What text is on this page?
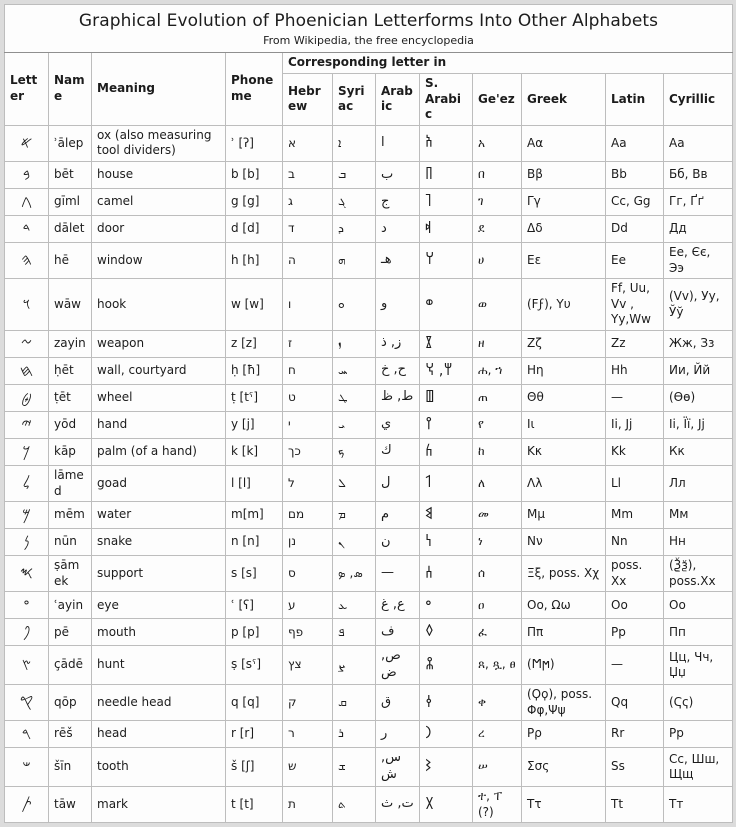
Graphical Evolution of Phoenician Letterforms Into Other Alphabets
From Wikipedia, the free encyclopedia											

Letter	Name	Meaning	Phoneme	Corresponding letter in							
				Hebrew	Syriac	Arabic	S. Arabic	Ge'ez	Greek	Latin	Cyrillic
𐤀	ʾālep	ox (also measuring tool dividers)	ʾ [ʔ]	א	ܐ	ا	𐩱	አ	Αα	Aa	Аа
𐤁	bēt	house	b [b]	ב	ܒ	ب	𐩨	በ	Ββ	Bb	Бб, Вв
𐤂	gīml	camel	g [g]	ג	ܓ	ج	𐩴	ገ	Γγ	Cc, Gg	Гг, Ґґ
𐤃	dālet	door	d [d]	ד	ܕ	د	𐩵	ደ	Δδ	Dd	Дд
𐤄	hē	window	h [h]	ה	ܗ	هـ	𐩠	ሀ	Εε	Ee	Ее, Єє, Ээ
𐤅	wāw	hook	w [w]	ו	ܘ	و	𐩥	ወ	(Ϝϝ), Υυ	Ff, Uu, Vv , Yy,Ww	(Vv), Уу, Ўў
𐤆	zayin	weapon	z [z]	ז	ܙ	ز, ذ	𐩸	ዘ	Ζζ	Zz	Жж, Зз
𐤇	ḥēt	wall, courtyard	ḥ [ħ]	ח	ܚ	ح, خ	𐩢, 𐩭	ሐ, ኀ	Ηη	Hh	Ии, Йй
𐤈	ṭēt	wheel	ṭ [tˤ]	ט	ܛ	ط, ظ	𐩷	ጠ	Θθ	—	(Ѳѳ)
𐤉	yōd	hand	y [j]	י	ܝ	ي	𐩺	የ	Ιι	Ii, Jj	Іі, Її, Jj
𐤊	kāp	palm (of a hand)	k [k]	כך	ܟ	ك	𐩫	ከ	Κκ	Kk	Кк
𐤋	lāmed	goad	l [l]	ל	ܠ	ل	𐩡	ለ	Λλ	Ll	Лл
𐤌	mēm	water	m[m]	מם	ܡ	م	𐩣	መ	Μμ	Mm	Мм
𐤍	nūn	snake	n [n]	נן	ܢ	ن	𐩬	ነ	Νν	Nn	Нн
𐤎	ṣāmek	support	s [s]	ס	ܣ, ܤ	—	𐩪	ሰ	Ξξ, poss. Χχ	poss. Xx	(Ѯѯ), poss.Xx
𐤏	ʿayin	eye	ʿ [ʕ]	ע	ܥ	ع, غ	𐩲	ዐ	Οο, Ωω	Oo	Оо
𐤐	pē	mouth	p [p]	פף	ܦ	ف	𐩰	ፈ	Ππ	Pp	Пп
𐤑	çādē	hunt	ṣ [sˤ]	צץ	ܨ	ص, ض	𐩮	ጸ, ጿ, ፀ	(Ϻϻ)	—	Цц, Чч, Џџ
𐤒	qōp	needle head	q [q]	ק	ܩ	ق	𐩤	ቀ	(Ϙϙ), poss. Φφ,Ψψ	Qq	(Ҁҁ)
𐤓	rēš	head	r [r]	ר	ܪ	ر	𐩧	ረ	Ρρ	Rr	Рр
𐤔	šīn	tooth	š [ʃ]	ש	ܫ	س, ش	𐩦	ሠ	Σσς	Ss	Сс, Шш, Щщ
𐤕	tāw	mark	t [t]	ת	ܬ	ت, ث	𐩩	ተ, ፐ (?)	Ττ	Tt	Тт
